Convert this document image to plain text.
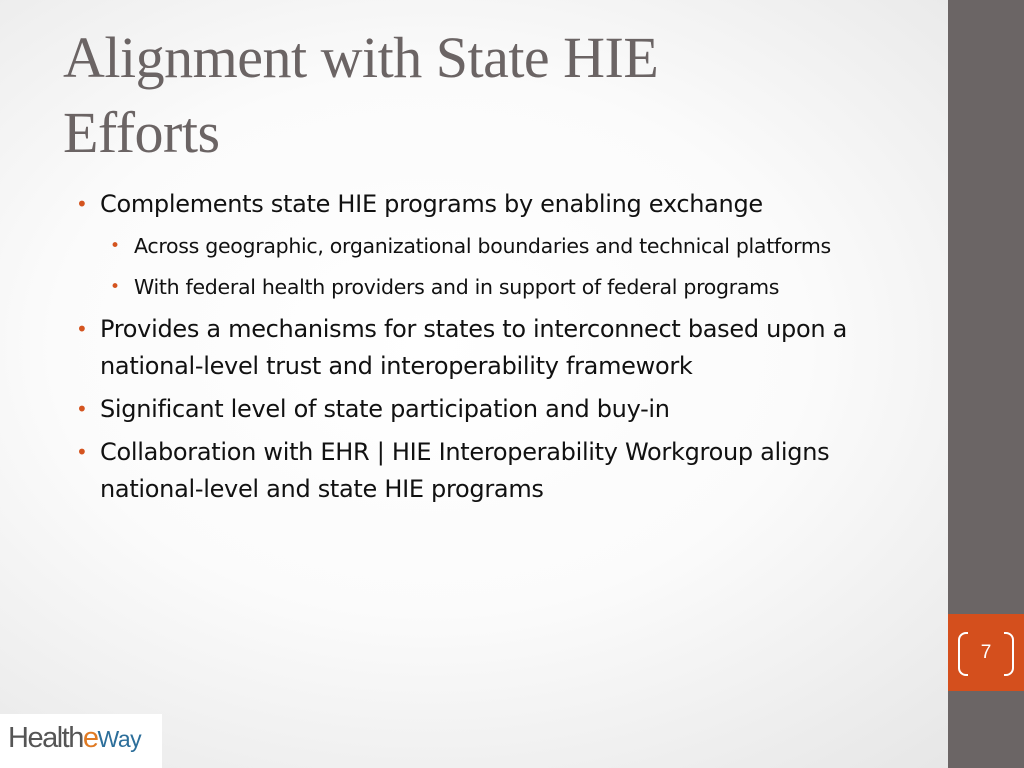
Alignment with State HIE
Efforts
• Complements state HIE programs by enabling exchange
• Across geographic, organizational boundaries and technical platforms
• With federal health providers and in support of federal programs
• Provides a mechanisms for states to interconnect based upon a national-level trust and interoperability framework
• Significant level of state participation and buy-in
• Collaboration with EHR | HIE Interoperability Workgroup aligns national-level and state HIE programs
7
HealtheWay
